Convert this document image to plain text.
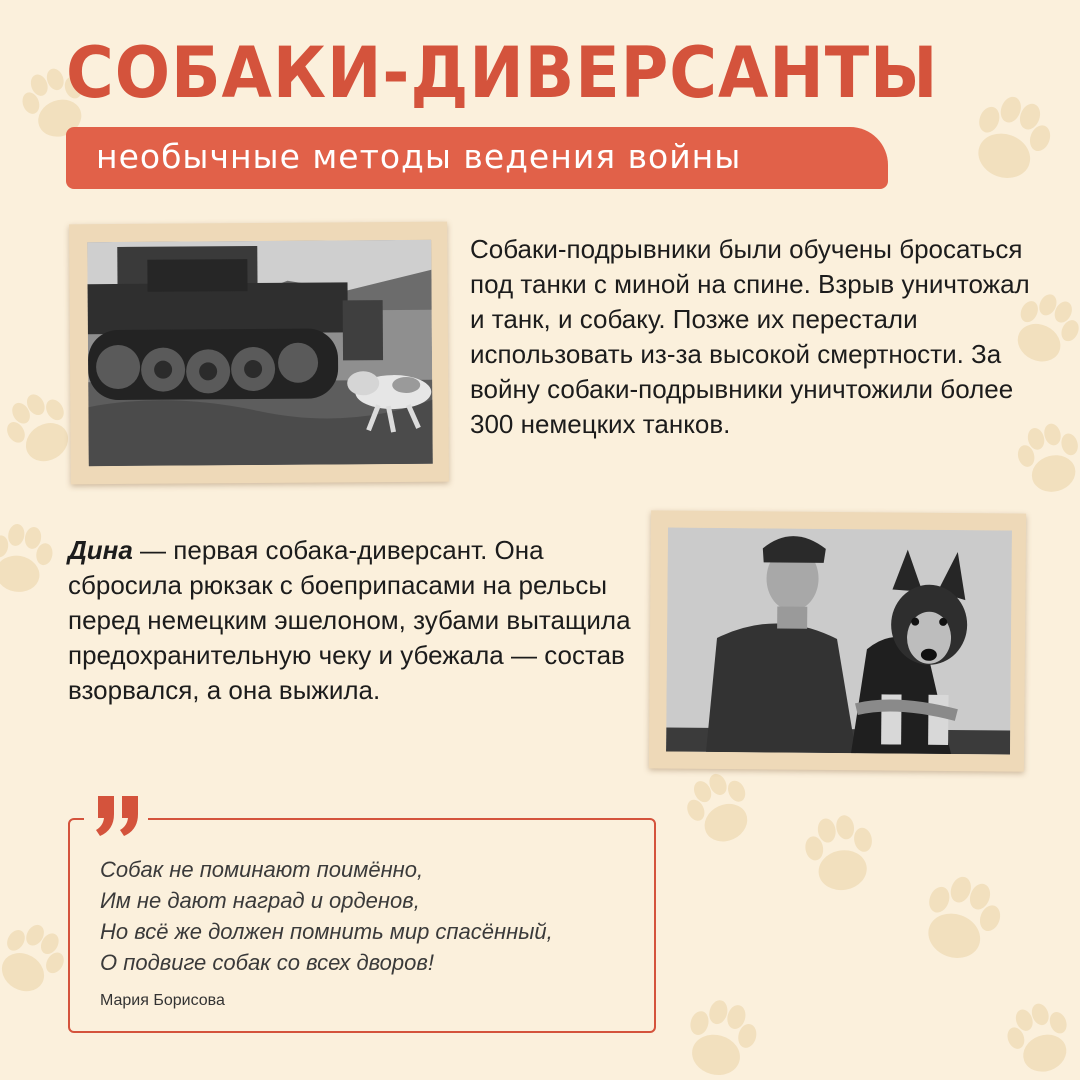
СОБАКИ-ДИВЕРСАНТЫ

необычные методы ведения войны

Собаки-подрывники были обучены бросаться под танки с миной на спине. Взрыв уничтожал и танк, и собаку. Позже их перестали использовать из-за высокой смертности. За войну собаки-подрывники уничтожили более 300 немецких танков.

Дина — первая собака-диверсант. Она сбросила рюкзак с боеприпасами на рельсы перед немецким эшелоном, зубами вытащила предохранительную чеку и убежала — состав взорвался, а она выжила.

Собак не поминают поимённо,
Им не дают наград и орденов,
Но всё же должен помнить мир спасённый,
О подвиге собак со всех дворов!

Мария Борисова
